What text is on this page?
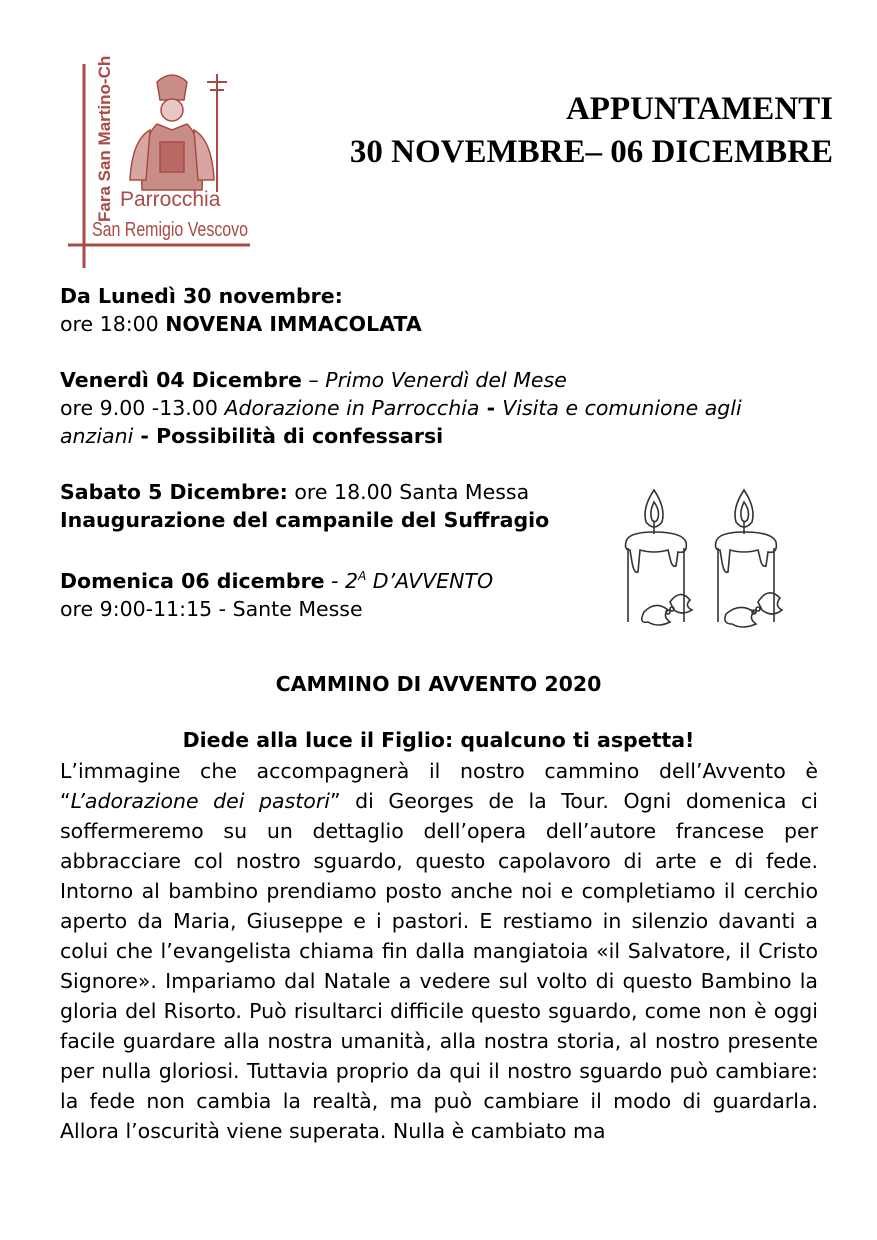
Fara San Martino-Ch Parrocchia
San Remigio Vescovo
APPUNTAMENTI
30 NOVEMBRE– 06 DICEMBRE

Da Lunedì 30 novembre:

ore 18:00 NOVENA IMMACOLATA

Venerdì 04 Dicembre – Primo Venerdì del Mese

ore 9.00 -13.00 Adorazione in Parrocchia - Visita e comunione agli anziani - Possibilità di confessarsi

Sabato 5 Dicembre: ore 18.00 Santa Messa

Inaugurazione del campanile del Suffragio

Domenica 06 dicembre - $2^A$ D’AVVENTO

ore 9:00-11:15 - Sante Messe

CAMMINO DI AVVENTO 2020
Diede alla luce il Figlio: qualcuno ti aspetta!

L’immagine che accompagnerà il nostro cammino dell’Avvento è “L’adorazione dei pastori” di Georges de la Tour. Ogni domenica ci soffermeremo su un dettaglio dell’opera dell’autore francese per abbracciare col nostro sguardo, questo capolavoro di arte e di fede. Intorno al bambino prendiamo posto anche noi e completiamo il cerchio aperto da Maria, Giuseppe e i pastori. E restiamo in silenzio davanti a colui che l’evangelista chiama fin dalla mangiatoia «il Salvatore, il Cristo Signore». Impariamo dal Natale a vedere sul volto di questo Bambino la gloria del Risorto. Può risultarci difficile questo sguardo, come non è oggi facile guardare alla nostra umanità, alla nostra storia, al nostro presente per nulla gloriosi. Tuttavia proprio da qui il nostro sguardo può cambiare: la fede non cambia la realtà, ma può cambiare il modo di guardarla. Allora l’oscurità viene superata. Nulla è cambiato ma
